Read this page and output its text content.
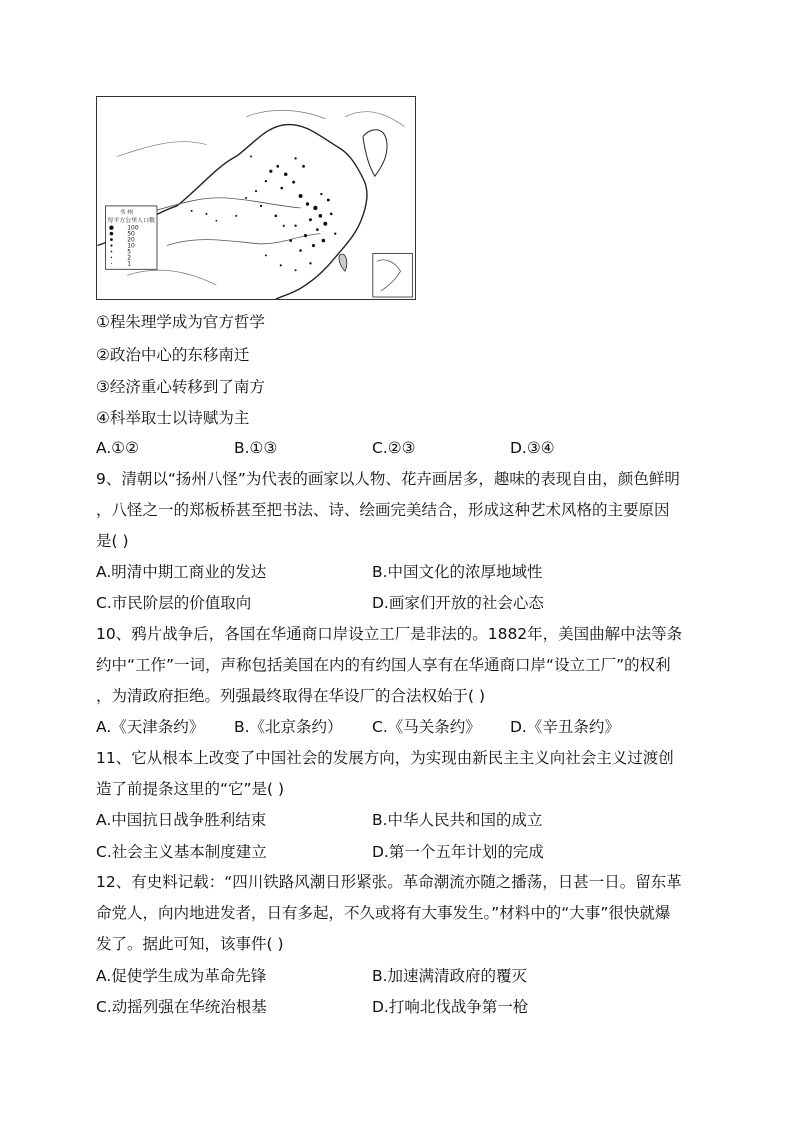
书 州
每平方公里人口数
100
50
20
10
5
2
1
①程朱理学成为官方哲学
②政治中心的东移南迁
③经济重心转移到了南方
④科举取士以诗赋为主
A.①②	B.①③	C.②③	D.③④
9、清朝以“扬州八怪”为代表的画家以人物、花卉画居多，趣味的表现自由，颜色鲜明
，八怪之一的郑板桥甚至把书法、诗、绘画完美结合，形成这种艺术风格的主要原因
是( )
A.明清中期工商业的发达	B.中国文化的浓厚地域性
C.市民阶层的价值取向	D.画家们开放的社会心态
10、鸦片战争后，各国在华通商口岸设立工厂是非法的。1882年，美国曲解中法等条
约中“工作”一词，声称包括美国在内的有约国人享有在华通商口岸“设立工厂”的权利
，为清政府拒绝。列强最终取得在华设厂的合法权始于( )
A.《天津条约》 B.《北京条约） C.《马关条约》 D.《辛丑条约》
11、它从根本上改变了中国社会的发展方向，为实现由新民主主义向社会主义过渡创
造了前提条这里的“它”是( )
A.中国抗日战争胜利结束	B.中华人民共和国的成立
C.社会主义基本制度建立	D.第一个五年计划的完成
12、有史料记载：“四川铁路风潮日形紧张。革命潮流亦随之播荡，日甚一日。留东革
命党人，向内地进发者，日有多起，不久或将有大事发生。”材料中的“大事”很快就爆
发了。据此可知，该事件( )
A.促使学生成为革命先锋	B.加速满清政府的覆灭
C.动摇列强在华统治根基	D.打响北伐战争第一枪
